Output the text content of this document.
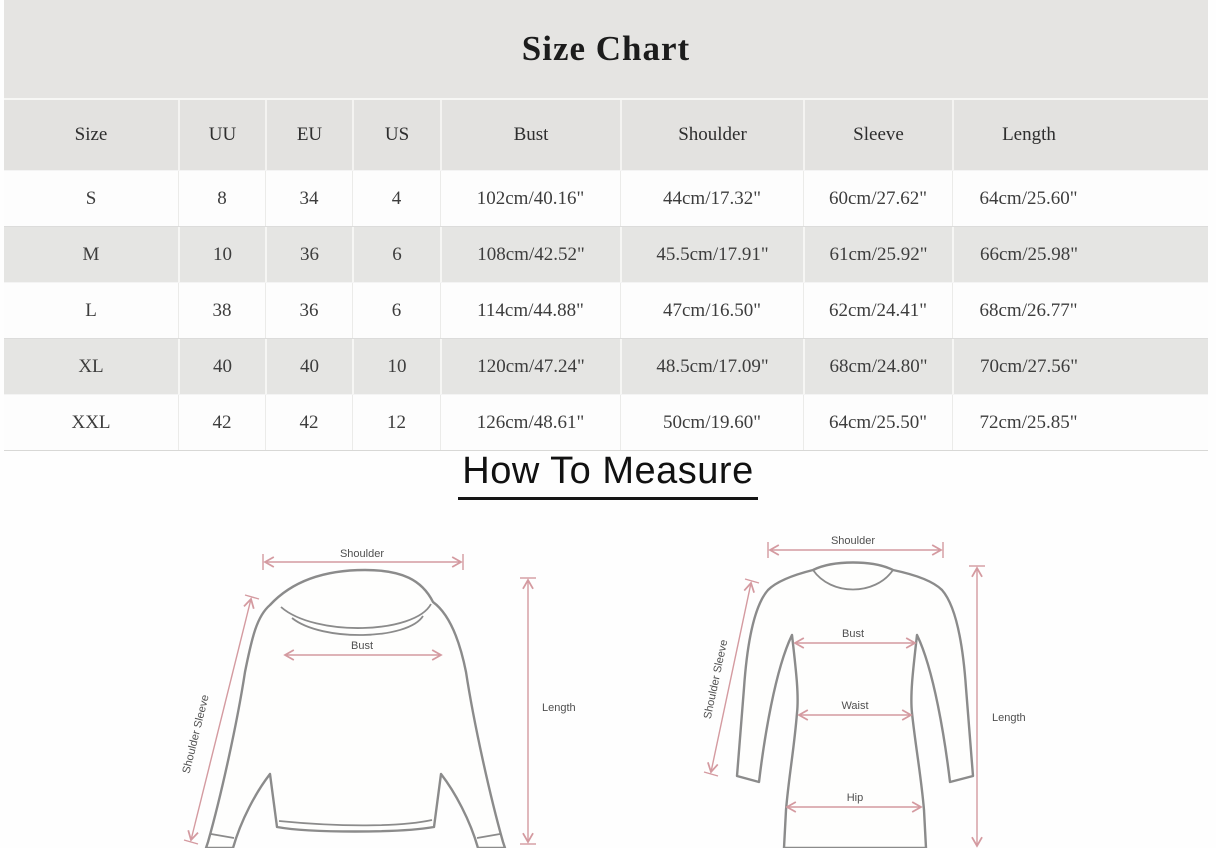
Size Chart
Size	UU	EU	US	Bust	Shoulder	Sleeve	Length
S	8	34	4	102cm/40.16"	44cm/17.32"	60cm/27.62"	64cm/25.60"
M	10	36	6	108cm/42.52"	45.5cm/17.91"	61cm/25.92"	66cm/25.98"
L	38	36	6	114cm/44.88"	47cm/16.50"	62cm/24.41"	68cm/26.77"
XL	40	40	10	120cm/47.24"	48.5cm/17.09"	68cm/24.80"	70cm/27.56"
XXL	42	42	12	126cm/48.61"	50cm/19.60"	64cm/25.50"	72cm/25.85"
How To Measure
Shoulder
Bust
Shoulder Sleeve	Length
Shoulder
Bust
Waist
Hip
Shoulder Sleeve	Length
